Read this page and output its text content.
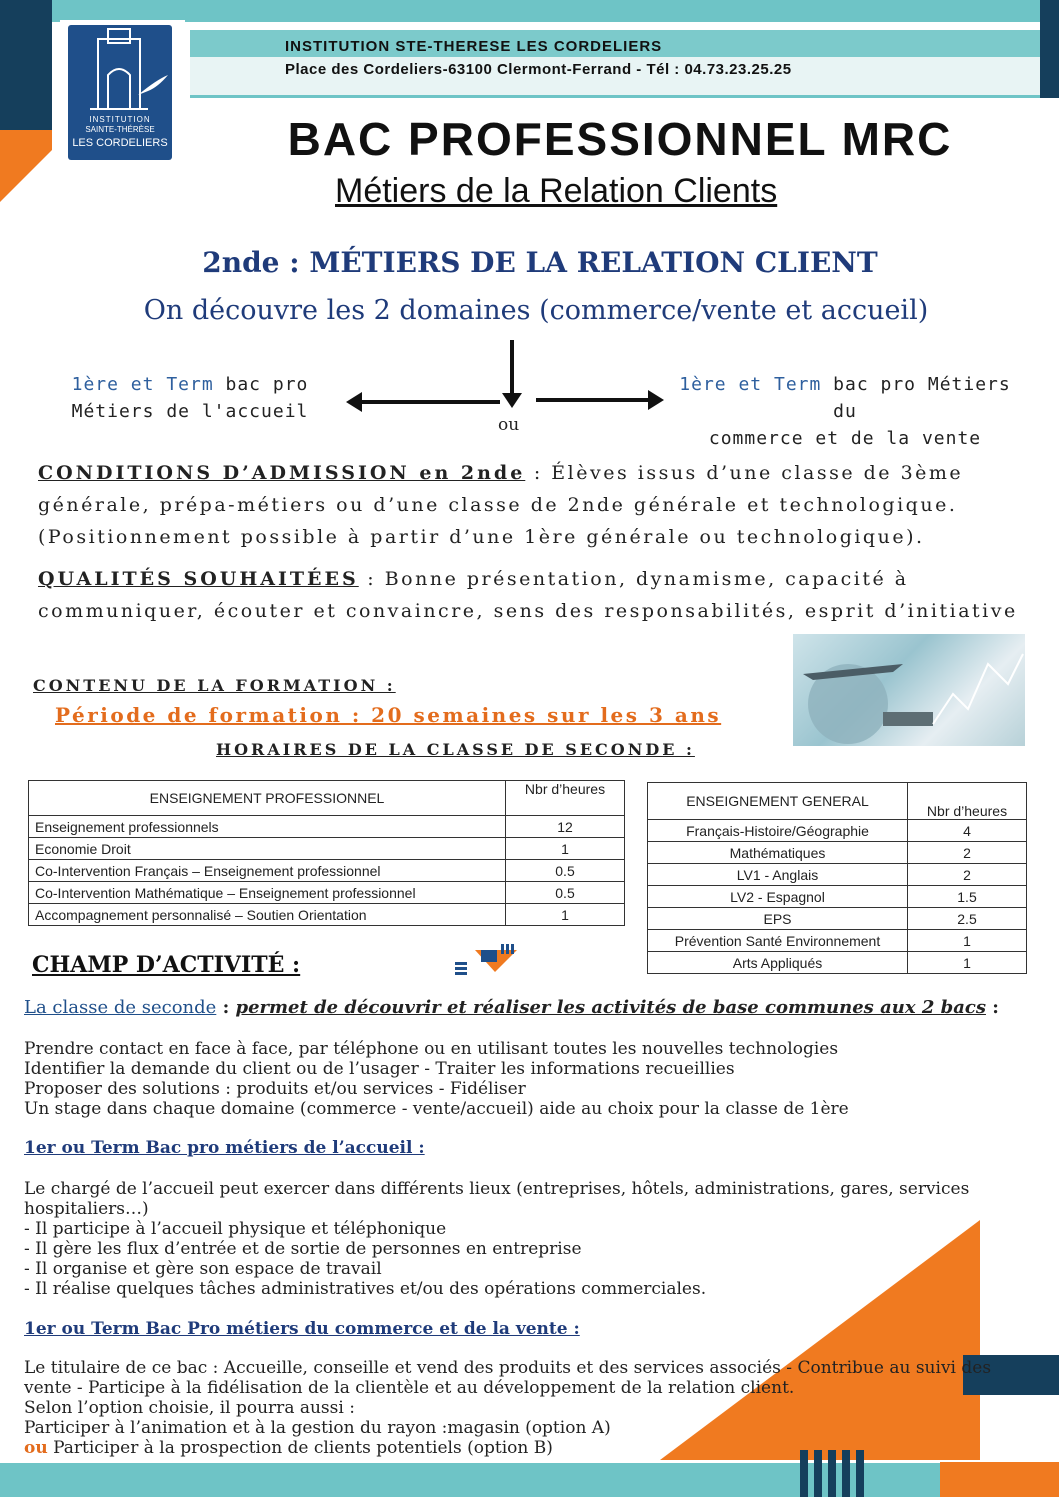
INSTITUTION
SAINTE-THÉRÈSE
LES CORDELIERS
INSTITUTION STE-THERESE LES CORDELIERS
Place des Cordeliers-63100 Clermont-Ferrand - Tél : 04.73.23.25.25
BAC PROFESSIONNEL MRC
Métiers de la Relation Clients
2nde : MÉTIERS DE LA RELATION CLIENT
On découvre les 2 domaines (commerce/vente et accueil)
ou
1ère et Term bac pro
Métiers de l'accueil
1ère et Term bac pro Métiers du
commerce et de la vente
CONDITIONS D’ADMISSION en 2nde : Élèves issus d’une classe de 3ème générale, prépa-métiers ou d’une classe de 2nde générale et technologique. (Positionnement possible à partir d’une 1ère générale ou technologique).
QUALITÉS SOUHAITÉES : Bonne présentation, dynamisme, capacité à communiquer, écouter et convaincre, sens des responsabilités, esprit d’initiative
CONTENU DE LA FORMATION :
Période de formation : 20 semaines sur les 3 ans
HORAIRES DE LA CLASSE DE SECONDE :
ENSEIGNEMENT PROFESSIONNEL	Nbr d’heures
Enseignement professionnels	12
Economie Droit	1
Co-Intervention Français – Enseignement professionnel	0.5
Co-Intervention Mathématique – Enseignement professionnel	0.5
Accompagnement personnalisé – Soutien Orientation	1
ENSEIGNEMENT GENERAL	Nbr d’heures
Français-Histoire/Géographie	4
Mathématiques	2
LV1 - Anglais	2
LV2 - Espagnol	1.5
EPS	2.5
Prévention Santé Environnement	1
Arts Appliqués	1
CHAMP D’ACTIVITÉ :
La classe de seconde : permet de découvrir et réaliser les activités de base communes aux 2 bacs :
Prendre contact en face à face, par téléphone ou en utilisant toutes les nouvelles technologies
Identifier la demande du client ou de l’usager - Traiter les informations recueillies
Proposer des solutions : produits et/ou services - Fidéliser
Un stage dans chaque domaine (commerce - vente/accueil) aide au choix pour la classe de 1ère
1er ou Term Bac pro métiers de l’accueil :
Le chargé de l’accueil peut exercer dans différents lieux (entreprises, hôtels, administrations, gares, services hospitaliers…)
- Il participe à l’accueil physique et téléphonique
- Il gère les flux d’entrée et de sortie de personnes en entreprise
- Il organise et gère son espace de travail
- Il réalise quelques tâches administratives et/ou des opérations commerciales.
1er ou Term Bac Pro métiers du commerce et de la vente :
Le titulaire de ce bac : Accueille, conseille et vend des produits et des services associés - Contribue au suivi des vente - Participe à la fidélisation de la clientèle et au développement de la relation client.
Selon l’option choisie, il pourra aussi :
Participer à l’animation et à la gestion du rayon :magasin (option A)
ou Participer à la prospection de clients potentiels (option B)
